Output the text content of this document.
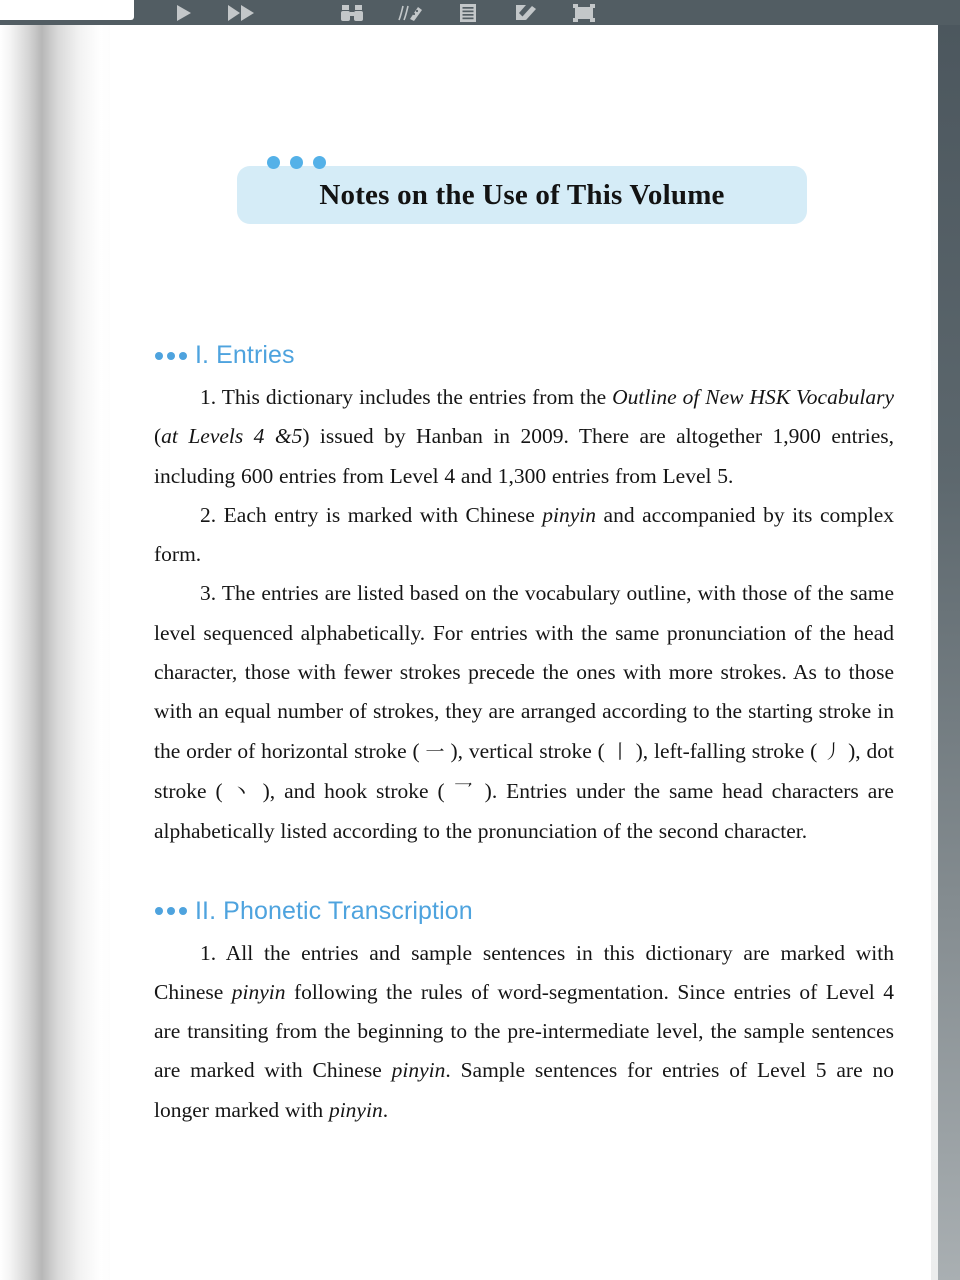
Notes on the Use of This Volume
I. Entries

1. This dictionary includes the entries from the Outline of New HSK Vocabulary (at Levels 4 &5) issued by Hanban in 2009. There are altogether 1,900 entries, including 600 entries from Level 4 and 1,300 entries from Level 5.

2. Each entry is marked with Chinese pinyin and accompanied by its complex form.

3. The entries are listed based on the vocabulary outline, with those of the same level sequenced alphabetically. For entries with the same pronunciation of the head character, those with fewer strokes precede the ones with more strokes. As to those with an equal number of strokes, they are arranged according to the starting stroke in the order of horizontal stroke ( 一 ), vertical stroke ( 丨 ), left-falling stroke ( 丿 ), dot stroke ( 丶 ), and hook stroke ( 乛 ). Entries under the same head characters are alphabetically listed according to the pronunciation of the second character.

II. Phonetic Transcription

1. All the entries and sample sentences in this dictionary are marked with Chinese pinyin following the rules of word-segmentation. Since entries of Level 4 are transiting from the beginning to the pre-intermediate level, the sample sentences are marked with Chinese pinyin. Sample sentences for entries of Level 5 are no longer marked with pinyin.
